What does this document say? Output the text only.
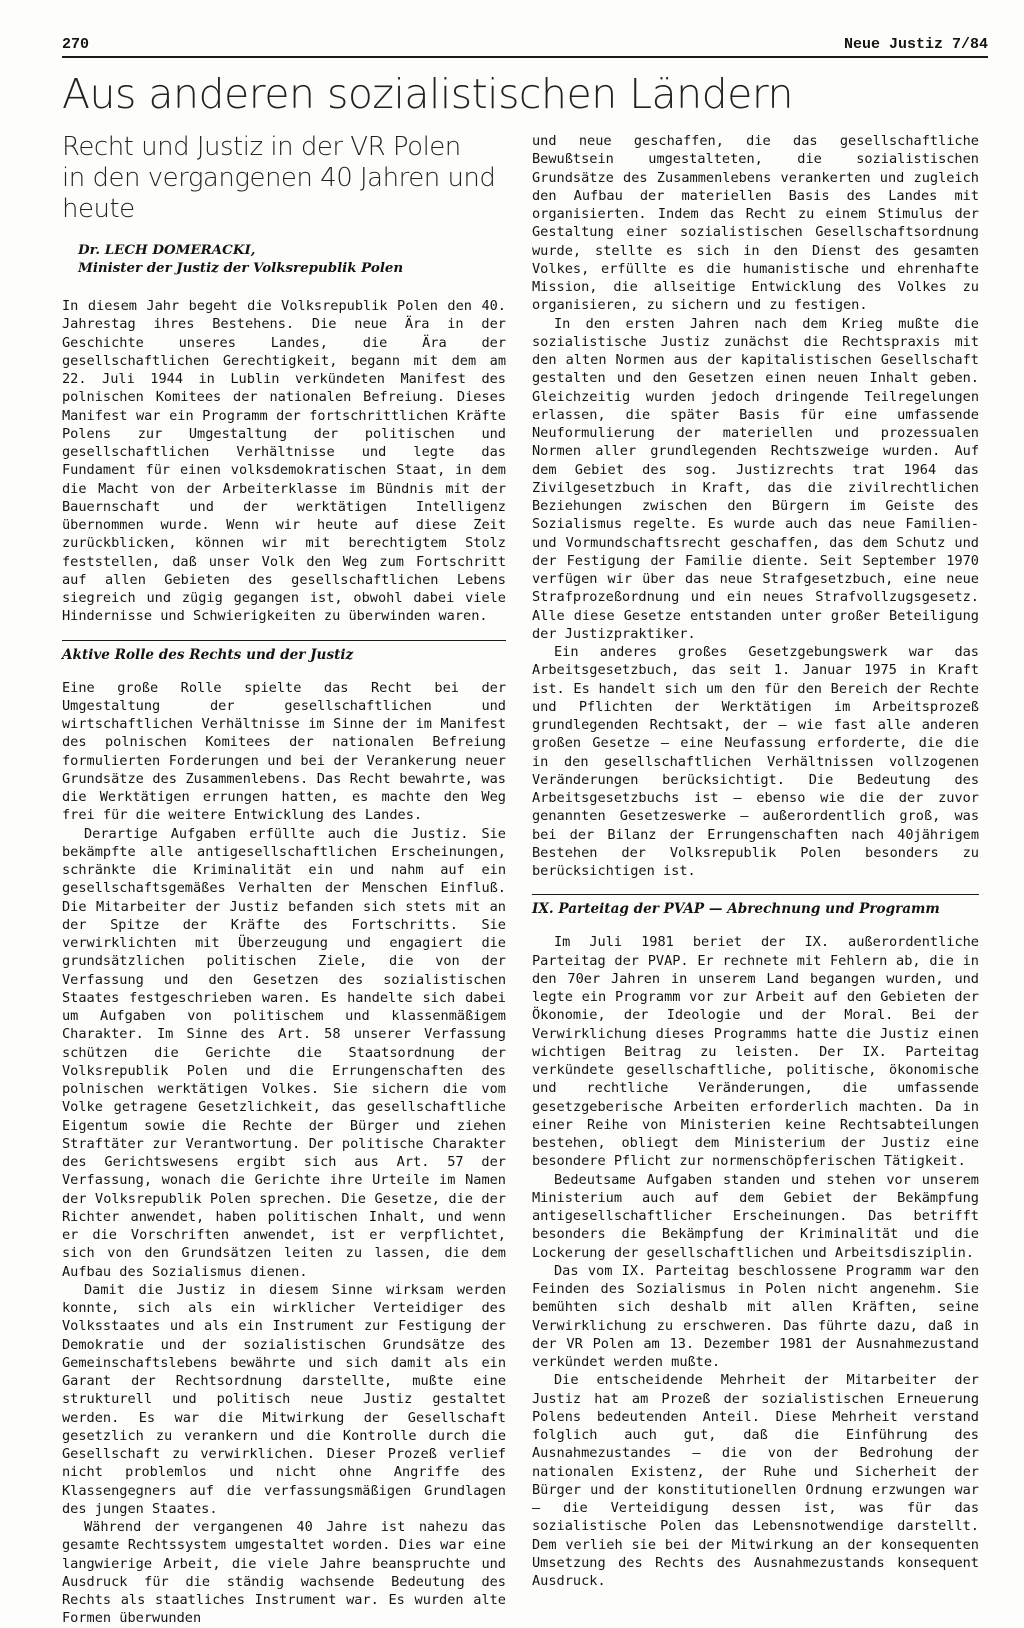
270	Neue Justiz 7/84
Aus anderen sozialistischen Ländern
Recht und Justiz in der VR Polen
in den vergangenen 40 Jahren und heute
Dr. LECH DOMERACKI,
Minister der Justiz der Volksrepublik Polen

In diesem Jahr begeht die Volksrepublik Polen den 40. Jahrestag ihres Bestehens. Die neue Ära in der Geschichte unseres Landes, die Ära der gesellschaftlichen Gerechtigkeit, begann mit dem am 22. Juli 1944 in Lublin verkündeten Manifest des polnischen Komitees der nationalen Befreiung. Dieses Manifest war ein Programm der fortschrittlichen Kräfte Polens zur Umgestaltung der politischen und gesellschaftlichen Verhältnisse und legte das Fundament für einen volksdemokratischen Staat, in dem die Macht von der Arbeiterklasse im Bündnis mit der Bauernschaft und der werktätigen Intelligenz übernommen wurde. Wenn wir heute auf diese Zeit zurückblicken, können wir mit berechtigtem Stolz feststellen, daß unser Volk den Weg zum Fortschritt auf allen Gebieten des gesellschaftlichen Lebens siegreich und zügig gegangen ist, obwohl dabei viele Hindernisse und Schwierigkeiten zu überwinden waren.

Aktive Rolle des Rechts und der Justiz

Eine große Rolle spielte das Recht bei der Umgestaltung der gesellschaftlichen und wirtschaftlichen Verhältnisse im Sinne der im Manifest des polnischen Komitees der nationalen Befreiung formulierten Forderungen und bei der Verankerung neuer Grundsätze des Zusammenlebens. Das Recht bewahrte, was die Werktätigen errungen hatten, es machte den Weg frei für die weitere Entwicklung des Landes.

Derartige Aufgaben erfüllte auch die Justiz. Sie bekämpfte alle antigesellschaftlichen Erscheinungen, schränkte die Kriminalität ein und nahm auf ein gesellschaftsgemäßes Verhalten der Menschen Einfluß. Die Mitarbeiter der Justiz befanden sich stets mit an der Spitze der Kräfte des Fortschritts. Sie verwirklichten mit Überzeugung und engagiert die grundsätzlichen politischen Ziele, die von der Verfassung und den Gesetzen des sozialistischen Staates festgeschrieben waren. Es handelte sich dabei um Aufgaben von politischem und klassenmäßigem Charakter. Im Sinne des Art. 58 unserer Verfassung schützen die Gerichte die Staatsordnung der Volksrepublik Polen und die Errungenschaften des polnischen werktätigen Volkes. Sie sichern die vom Volke getragene Gesetzlichkeit, das gesellschaftliche Eigentum sowie die Rechte der Bürger und ziehen Straftäter zur Verantwortung. Der politische Charakter des Gerichtswesens ergibt sich aus Art. 57 der Verfassung, wonach die Gerichte ihre Urteile im Namen der Volksrepublik Polen sprechen. Die Gesetze, die der Richter anwendet, haben politischen Inhalt, und wenn er die Vorschriften anwendet, ist er verpflichtet, sich von den Grundsätzen leiten zu lassen, die dem Aufbau des Sozialismus dienen.

Damit die Justiz in diesem Sinne wirksam werden konnte, sich als ein wirklicher Verteidiger des Volksstaates und als ein Instrument zur Festigung der Demokratie und der sozialistischen Grundsätze des Gemeinschaftslebens bewährte und sich damit als ein Garant der Rechtsordnung darstellte, mußte eine strukturell und politisch neue Justiz gestaltet werden. Es war die Mitwirkung der Gesellschaft gesetzlich zu verankern und die Kontrolle durch die Gesellschaft zu verwirklichen. Dieser Prozeß verlief nicht problemlos und nicht ohne Angriffe des Klassengegners auf die verfassungsmäßigen Grundlagen des jungen Staates.

Während der vergangenen 40 Jahre ist nahezu das gesamte Rechtssystem umgestaltet worden. Dies war eine langwierige Arbeit, die viele Jahre beanspruchte und Ausdruck für die ständig wachsende Bedeutung des Rechts als staatliches Instrument war. Es wurden alte Formen überwunden

und neue geschaffen, die das gesellschaftliche Bewußtsein umgestalteten, die sozialistischen Grundsätze des Zusammenlebens verankerten und zugleich den Aufbau der materiellen Basis des Landes mit organisierten. Indem das Recht zu einem Stimulus der Gestaltung einer sozialistischen Gesellschaftsordnung wurde, stellte es sich in den Dienst des gesamten Volkes, erfüllte es die humanistische und ehrenhafte Mission, die allseitige Entwicklung des Volkes zu organisieren, zu sichern und zu festigen.

In den ersten Jahren nach dem Krieg mußte die sozialistische Justiz zunächst die Rechtspraxis mit den alten Normen aus der kapitalistischen Gesellschaft gestalten und den Gesetzen einen neuen Inhalt geben. Gleichzeitig wurden jedoch dringende Teilregelungen erlassen, die später Basis für eine umfassende Neuformulierung der materiellen und prozessualen Normen aller grundlegenden Rechtszweige wurden. Auf dem Gebiet des sog. Justizrechts trat 1964 das Zivilgesetzbuch in Kraft, das die zivilrechtlichen Beziehungen zwischen den Bürgern im Geiste des Sozialismus regelte. Es wurde auch das neue Familien- und Vormundschaftsrecht geschaffen, das dem Schutz und der Festigung der Familie diente. Seit September 1970 verfügen wir über das neue Strafgesetzbuch, eine neue Strafprozeßordnung und ein neues Strafvollzugsgesetz. Alle diese Gesetze entstanden unter großer Beteiligung der Justizpraktiker.

Ein anderes großes Gesetzgebungswerk war das Arbeitsgesetzbuch, das seit 1. Januar 1975 in Kraft ist. Es handelt sich um den für den Bereich der Rechte und Pflichten der Werktätigen im Arbeitsprozeß grundlegenden Rechtsakt, der – wie fast alle anderen großen Gesetze – eine Neufassung erforderte, die die in den gesellschaftlichen Verhältnissen vollzogenen Veränderungen berücksichtigt. Die Bedeutung des Arbeitsgesetzbuchs ist – ebenso wie die der zuvor genannten Gesetzeswerke – außerordentlich groß, was bei der Bilanz der Errungenschaften nach 40jährigem Bestehen der Volksrepublik Polen besonders zu berücksichtigen ist.

IX. Parteitag der PVAP — Abrechnung und Programm

Im Juli 1981 beriet der IX. außerordentliche Parteitag der PVAP. Er rechnete mit Fehlern ab, die in den 70er Jahren in unserem Land begangen wurden, und legte ein Programm vor zur Arbeit auf den Gebieten der Ökonomie, der Ideologie und der Moral. Bei der Verwirklichung dieses Programms hatte die Justiz einen wichtigen Beitrag zu leisten. Der IX. Parteitag verkündete gesellschaftliche, politische, ökonomische und rechtliche Veränderungen, die umfassende gesetzgeberische Arbeiten erforderlich machten. Da in einer Reihe von Ministerien keine Rechtsabteilungen bestehen, obliegt dem Ministerium der Justiz eine besondere Pflicht zur normenschöpferischen Tätigkeit.

Bedeutsame Aufgaben standen und stehen vor unserem Ministerium auch auf dem Gebiet der Bekämpfung antigesellschaftlicher Erscheinungen. Das betrifft besonders die Bekämpfung der Kriminalität und die Lockerung der gesellschaftlichen und Arbeitsdisziplin.

Das vom IX. Parteitag beschlossene Programm war den Feinden des Sozialismus in Polen nicht angenehm. Sie bemühten sich deshalb mit allen Kräften, seine Verwirklichung zu erschweren. Das führte dazu, daß in der VR Polen am 13. Dezember 1981 der Ausnahmezustand verkündet werden mußte.

Die entscheidende Mehrheit der Mitarbeiter der Justiz hat am Prozeß der sozialistischen Erneuerung Polens bedeutenden Anteil. Diese Mehrheit verstand folglich auch gut, daß die Einführung des Ausnahmezustandes – die von der Bedrohung der nationalen Existenz, der Ruhe und Sicherheit der Bürger und der konstitutionellen Ordnung erzwungen war – die Verteidigung dessen ist, was für das sozialistische Polen das Lebensnotwendige darstellt. Dem verlieh sie bei der Mitwirkung an der konsequenten Umsetzung des Rechts des Ausnahmezustands konsequent Ausdruck.
